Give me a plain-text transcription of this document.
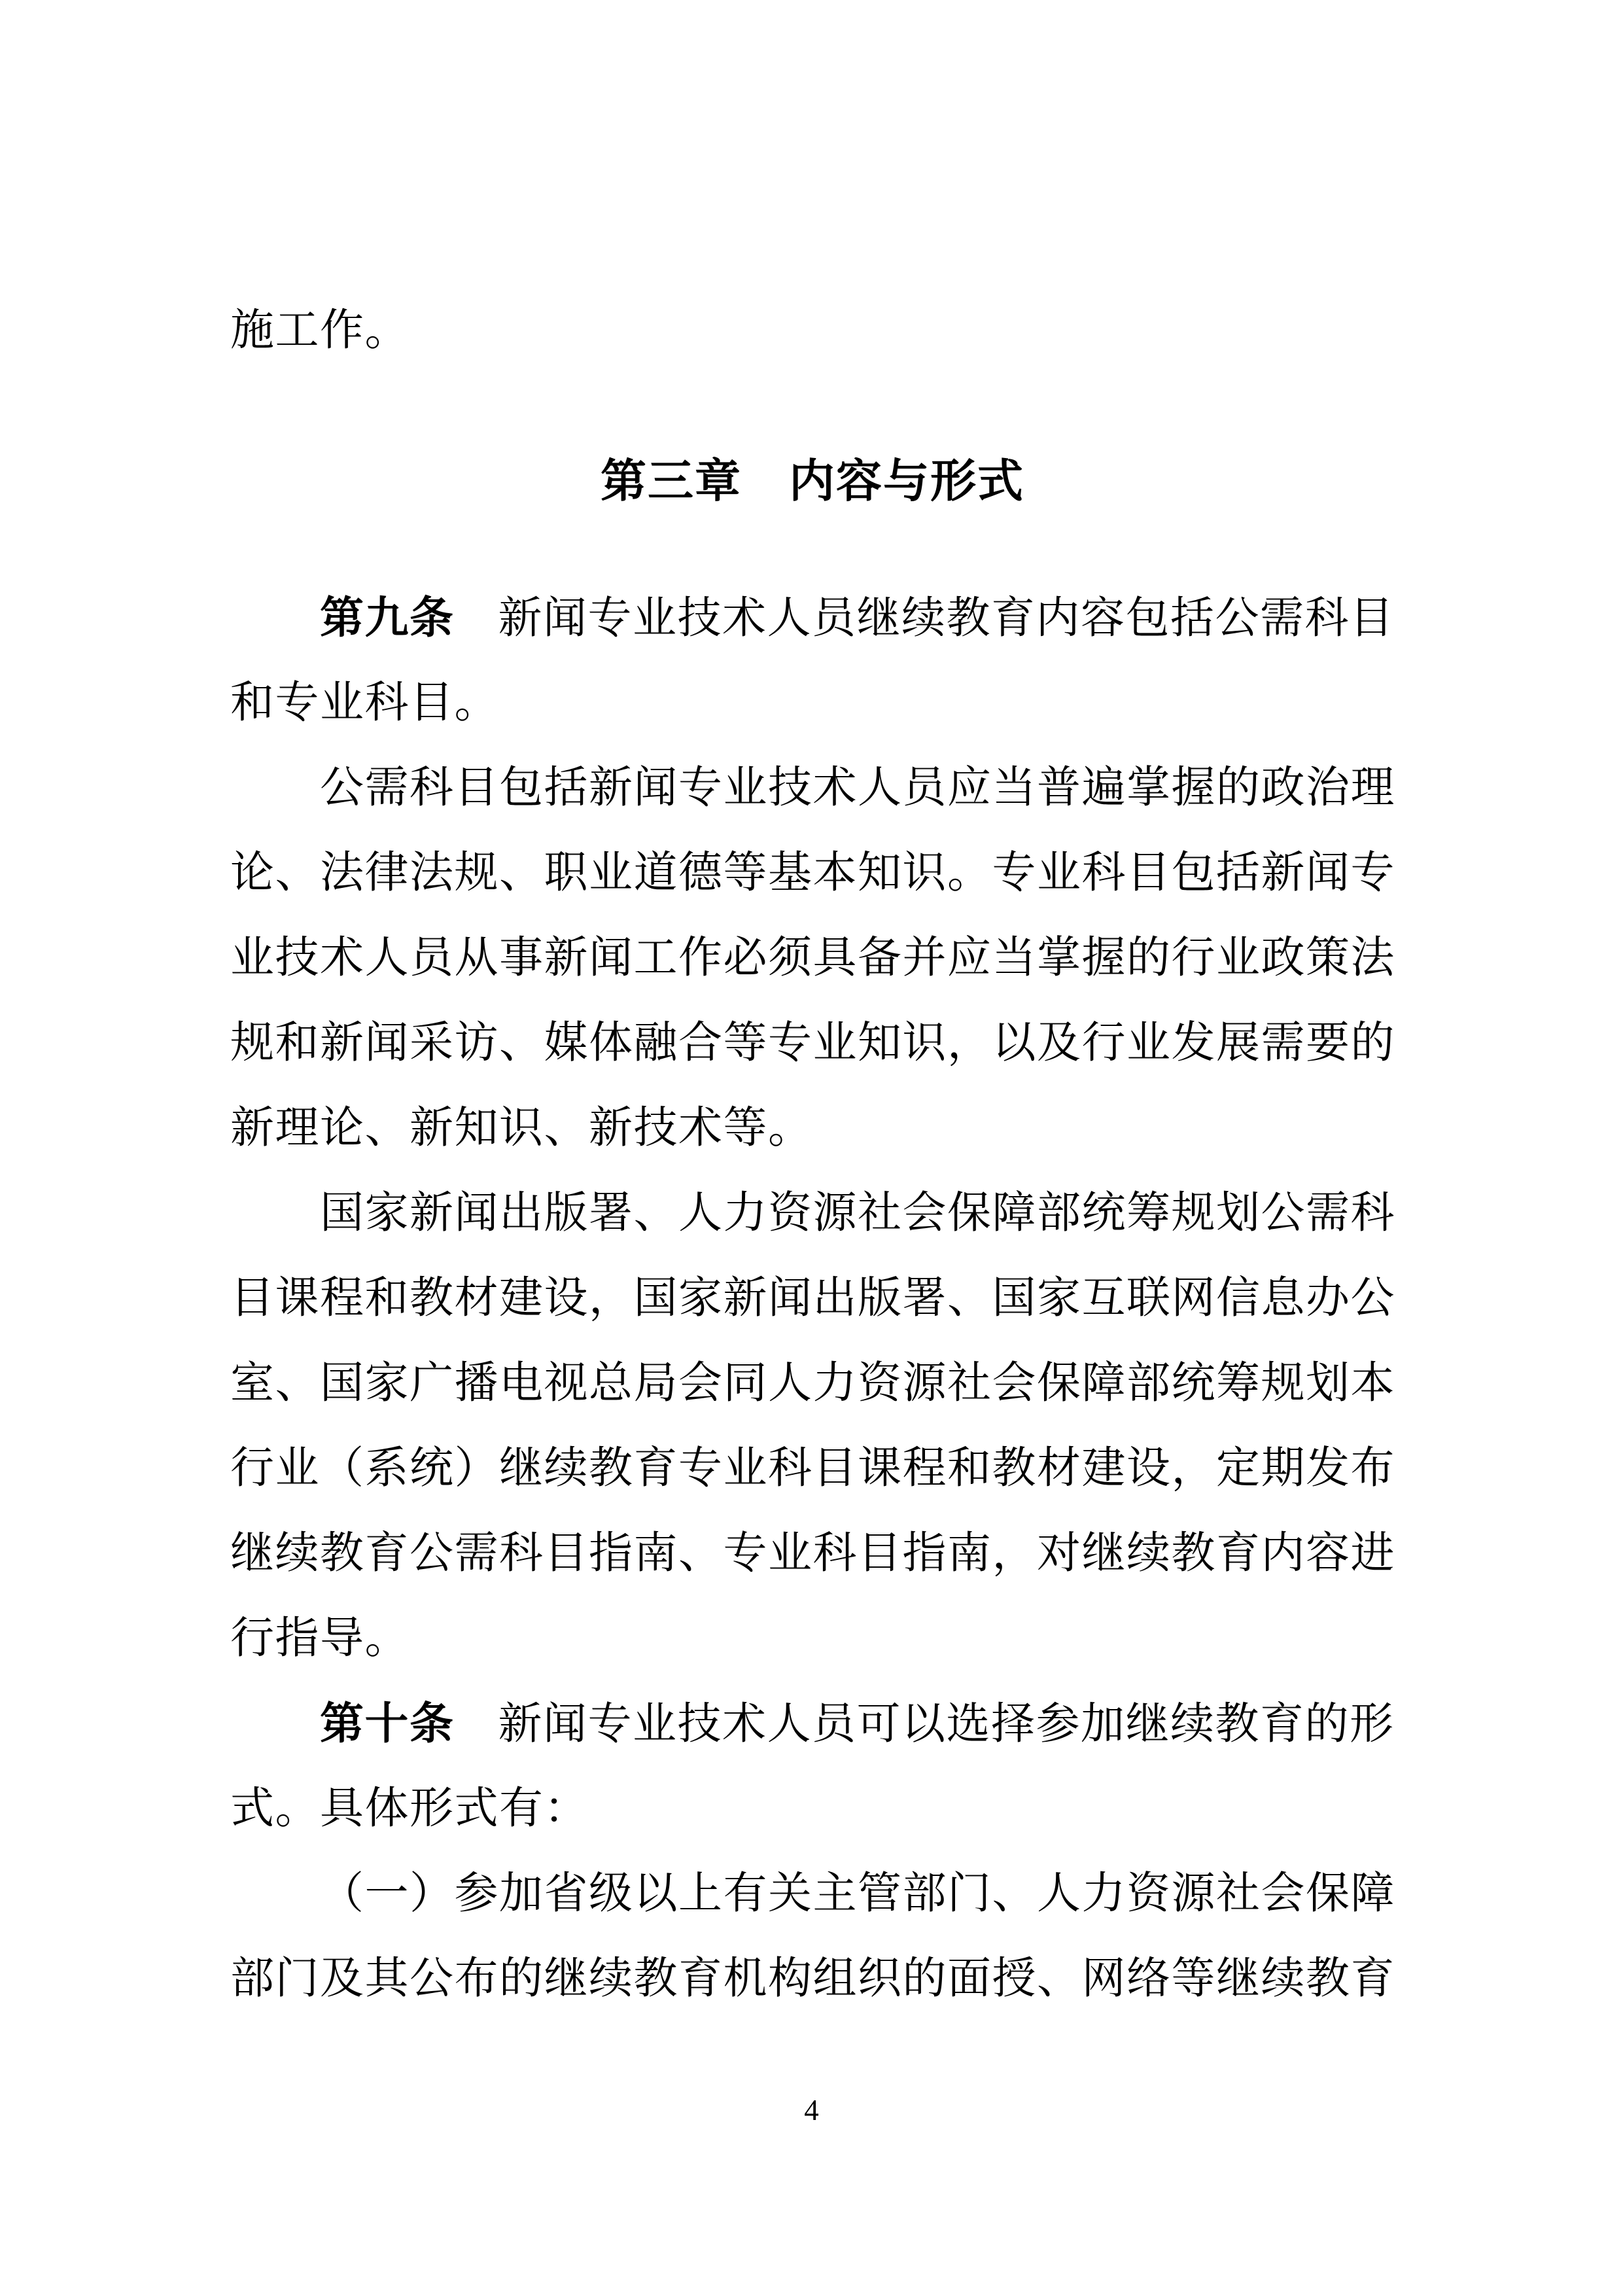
施工作。
第三章　内容与形式
第九条 新闻专业技术人员继续教育内容包括公需科目
和专业科目。
公需科目包括新闻专业技术人员应当普遍掌握的政治理
论、法律法规、职业道德等基本知识。专业科目包括新闻专
业技术人员从事新闻工作必须具备并应当掌握的行业政策法
规和新闻采访、媒体融合等专业知识，以及行业发展需要的
新理论、新知识、新技术等。
国家新闻出版署、人力资源社会保障部统筹规划公需科
目课程和教材建设，国家新闻出版署、国家互联网信息办公
室、国家广播电视总局会同人力资源社会保障部统筹规划本
行业（系统）继续教育专业科目课程和教材建设，定期发布
继续教育公需科目指南、专业科目指南，对继续教育内容进
行指导。
第十条 新闻专业技术人员可以选择参加继续教育的形
式。具体形式有：
（一）参加省级以上有关主管部门、人力资源社会保障
部门及其公布的继续教育机构组织的面授、网络等继续教育
4
